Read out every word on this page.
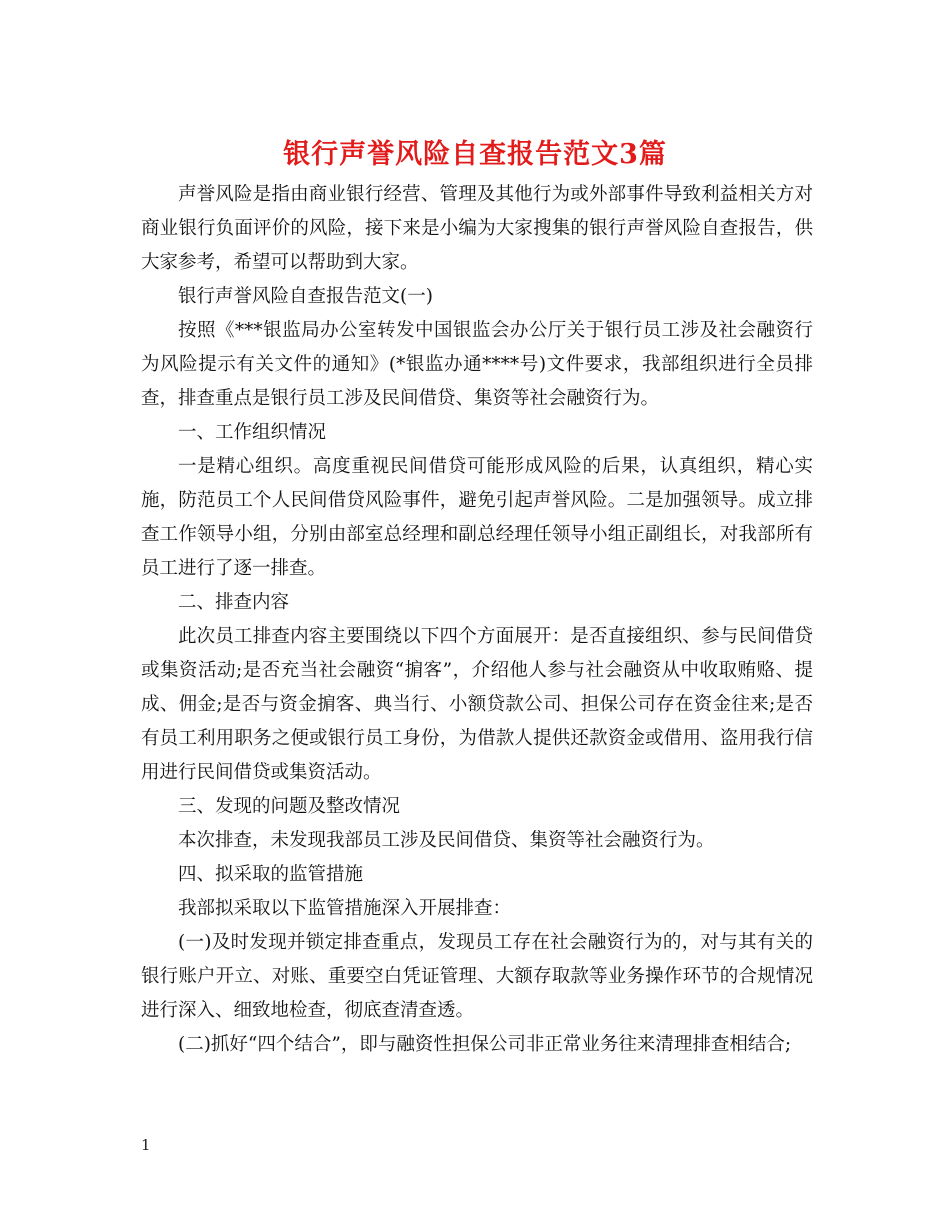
银行声誉风险自查报告范文3篇

声誉风险是指由商业银行经营、管理及其他行为或外部事件导致利益相关方对商业银行负面评价的风险，接下来是小编为大家搜集的银行声誉风险自查报告，供大家参考，希望可以帮助到大家。

银行声誉风险自查报告范文(一)

按照《***银监局办公室转发中国银监会办公厅关于银行员工涉及社会融资行为风险提示有关文件的通知》(*银监办通****号)文件要求，我部组织进行全员排查，排查重点是银行员工涉及民间借贷、集资等社会融资行为。

一、工作组织情况

一是精心组织。高度重视民间借贷可能形成风险的后果，认真组织，精心实施，防范员工个人民间借贷风险事件，避免引起声誉风险。二是加强领导。成立排查工作领导小组，分别由部室总经理和副总经理任领导小组正副组长，对我部所有员工进行了逐一排查。

二、排查内容

此次员工排查内容主要围绕以下四个方面展开：是否直接组织、参与民间借贷或集资活动;是否充当社会融资“掮客”，介绍他人参与社会融资从中收取贿赂、提成、佣金;是否与资金掮客、典当行、小额贷款公司、担保公司存在资金往来;是否有员工利用职务之便或银行员工身份，为借款人提供还款资金或借用、盗用我行信用进行民间借贷或集资活动。

三、发现的问题及整改情况

本次排查，未发现我部员工涉及民间借贷、集资等社会融资行为。

四、拟采取的监管措施

我部拟采取以下监管措施深入开展排查：

(一)及时发现并锁定排查重点，发现员工存在社会融资行为的，对与其有关的银行账户开立、对账、重要空白凭证管理、大额存取款等业务操作环节的合规情况进行深入、细致地检查，彻底查清查透。

(二)抓好“四个结合”，即与融资性担保公司非正常业务往来清理排查相结合;

1
